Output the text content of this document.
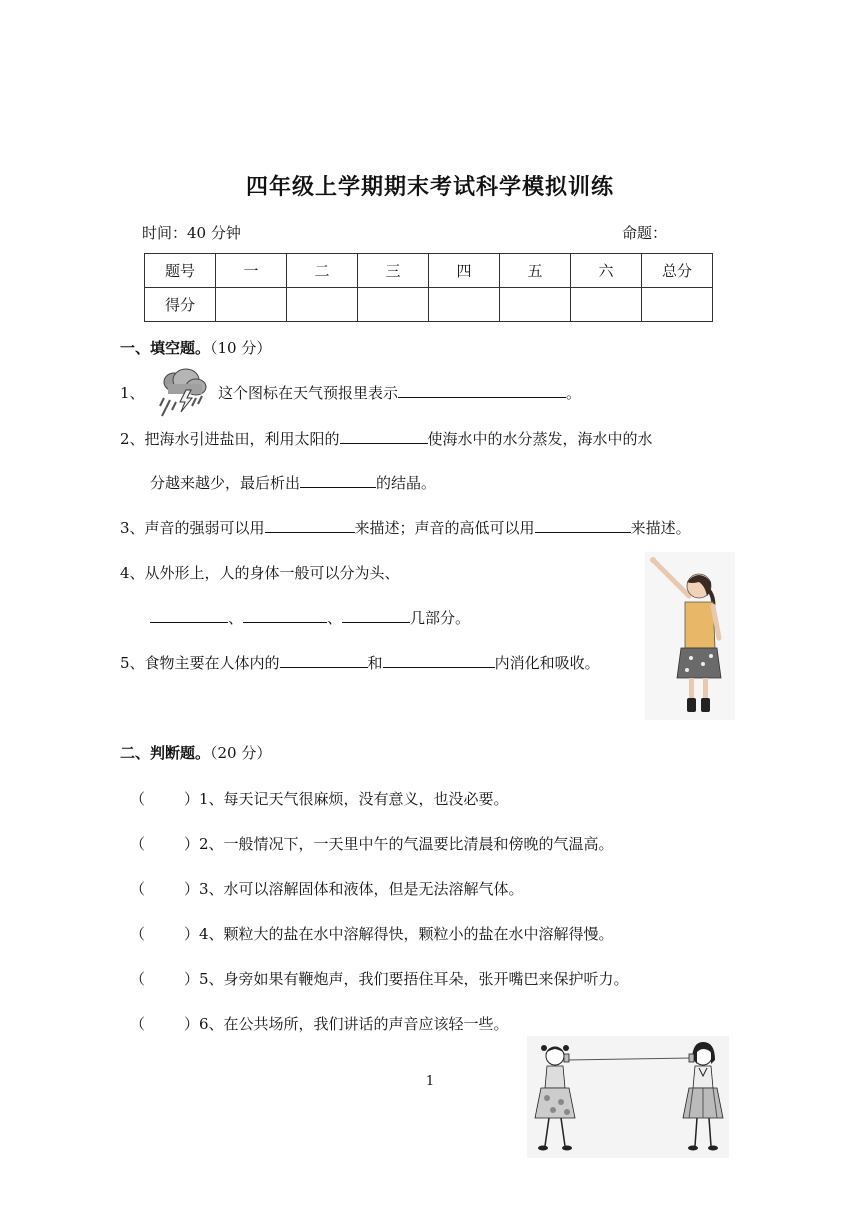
四年级上学期期末考试科学模拟训练
时间：40 分钟	命题：
题号	一	二	三	四	五	六	总分
得分							
一、填空题。（10 分）
1、	这个图标在天气预报里表示	。
2、把海水引进盐田，利用太阳的	使海水中的水分蒸发，海水中的水
分越来越少，最后析出	的结晶。
3、声音的强弱可以用	来描述；声音的高低可以用	来描述。
4、从外形上，人的身体一般可以分为头、
、	、	几部分。
5、食物主要在人体内的	和	内消化和吸收。
二、判断题。（20 分）
（	）1、每天记天气很麻烦，没有意义，也没必要。
（	）2、一般情况下，一天里中午的气温要比清晨和傍晚的气温高。
（	）3、水可以溶解固体和液体，但是无法溶解气体。
（	）4、颗粒大的盐在水中溶解得快，颗粒小的盐在水中溶解得慢。
（	）5、身旁如果有鞭炮声，我们要捂住耳朵，张开嘴巴来保护听力。
（	）6、在公共场所，我们讲话的声音应该轻一些。
1
